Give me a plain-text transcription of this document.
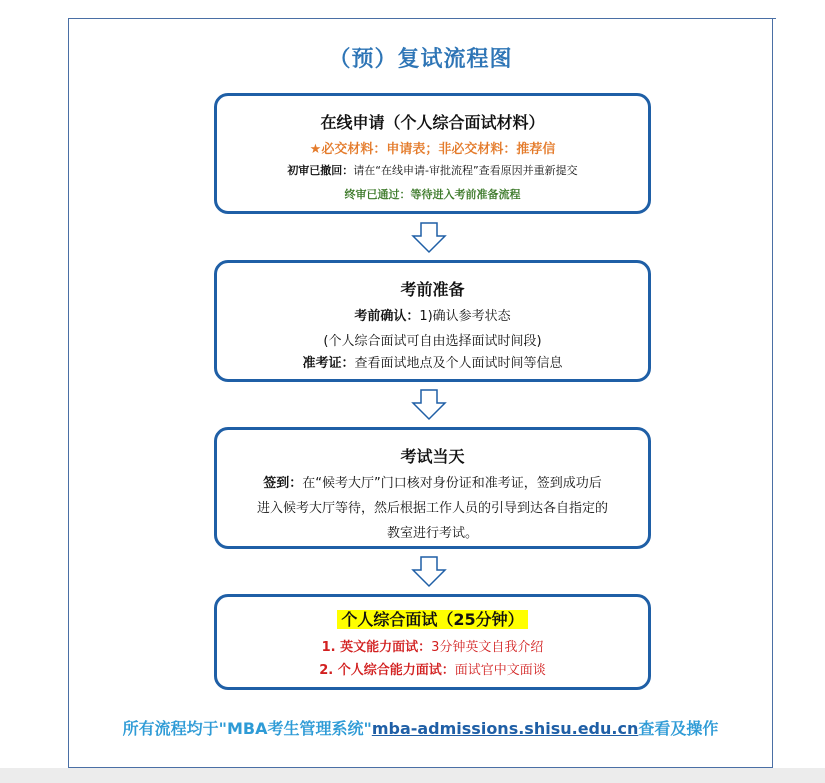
（预）复试流程图
在线申请（个人综合面试材料）
★必交材料：申请表；非必交材料：推荐信
初审已撤回：请在“在线申请-审批流程”查看原因并重新提交
终审已通过：等待进入考前准备流程
考前准备
考前确认：1)确认参考状态
(个人综合面试可自由选择面试时间段)
准考证：查看面试地点及个人面试时间等信息
考试当天
签到：在“候考大厅”门口核对身份证和准考证，签到成功后
进入候考大厅等待，然后根据工作人员的引导到达各自指定的
教室进行考试。
个人综合面试（25分钟）
1. 英文能力面试：3分钟英文自我介绍
2. 个人综合能力面试：面试官中文面谈
所有流程均于"MBA考生管理系统"mba-admissions.shisu.edu.cn查看及操作
